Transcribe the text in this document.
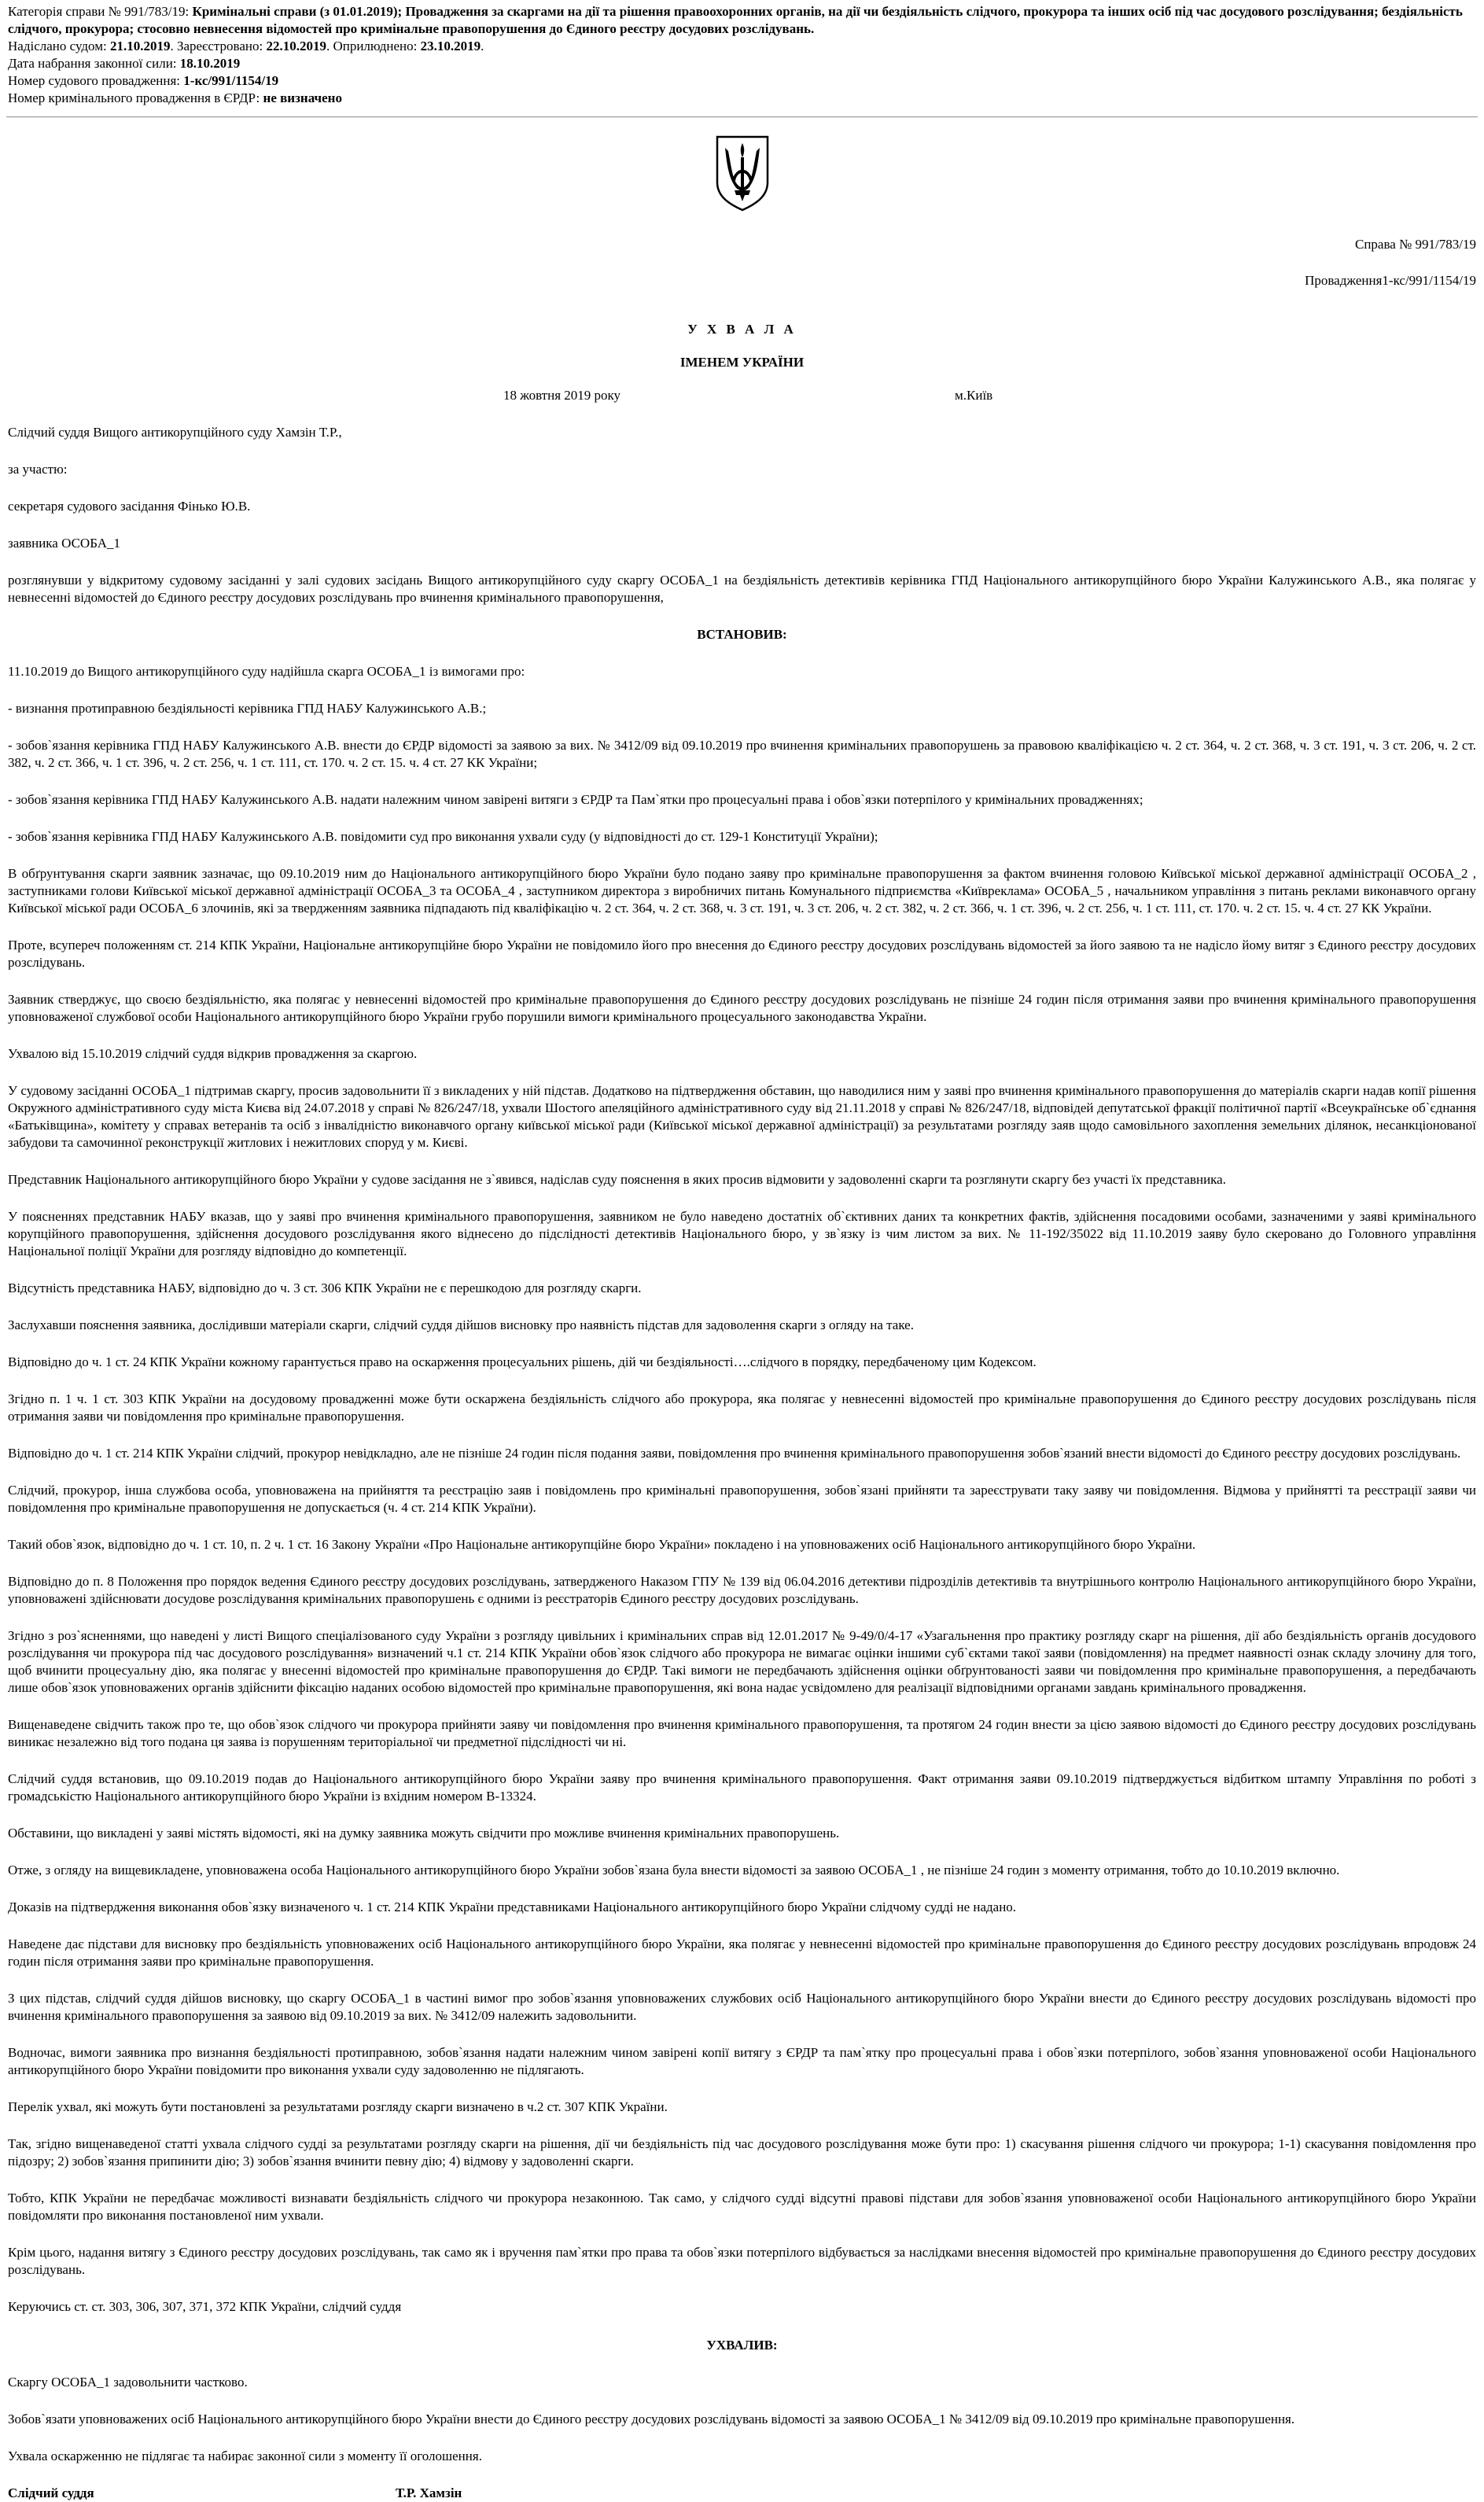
Категорія справи № 991/783/19: Кримінальні справи (з 01.01.2019); Провадження за скаргами на дії та рішення правоохоронних органів, на дії чи бездіяльність слідчого, прокурора та інших осіб під час досудового розслідування; бездіяльність слідчого, прокурора; стосовно невнесення відомостей про кримінальне правопорушення до Єдиного реєстру досудових розслідувань.

Надіслано судом: 21.10.2019. Зареєстровано: 22.10.2019. Оприлюднено: 23.10.2019.

Дата набрання законної сили: 18.10.2019

Номер судового провадження: 1-кс/991/1154/19

Номер кримінального провадження в ЄРДР: не визначено

Справа № 991/783/19

Провадження1-кс/991/1154/19

У Х В А Л А

ІМЕНЕМ УКРАЇНИ

18 жовтня 2019 року	м.Київ

Слідчий суддя Вищого антикорупційного суду Хамзін Т.Р.,

за участю:

секретаря судового засідання Фінько Ю.В.

заявника ОСОБА_1

розглянувши у відкритому судовому засіданні у залі судових засідань Вищого антикорупційного суду скаргу ОСОБА_1 на бездіяльність детективів керівника ГПД Національного антикорупційного бюро України Калужинського А.В., яка полягає у невнесенні відомостей до Єдиного реєстру досудових розслідувань про вчинення кримінального правопорушення,

ВСТАНОВИВ:

11.10.2019 до Вищого антикорупційного суду надійшла скарга ОСОБА_1 із вимогами про:

- визнання протиправною бездіяльності керівника ГПД НАБУ Калужинського А.В.;

- зобов`язання керівника ГПД НАБУ Калужинського А.В. внести до ЄРДР відомості за заявою за вих. № 3412/09 від 09.10.2019 про вчинення кримінальних правопорушень за правовою кваліфікацією ч. 2 ст. 364, ч. 2 ст. 368, ч. 3 ст. 191, ч. 3 ст. 206, ч. 2 ст. 382, ч. 2 ст. 366, ч. 1 ст. 396, ч. 2 ст. 256, ч. 1 ст. 111, ст. 170. ч. 2 ст. 15. ч. 4 ст. 27 КК України;

- зобов`язання керівника ГПД НАБУ Калужинського А.В. надати належним чином завірені витяги з ЄРДР та Пам`ятки про процесуальні права і обов`язки потерпілого у кримінальних провадженнях;

- зобов`язання керівника ГПД НАБУ Калужинського А.В. повідомити суд про виконання ухвали суду (у відповідності до ст. 129-1 Конституції України);

В обґрунтування скарги заявник зазначає, що 09.10.2019 ним до Національного антикорупційного бюро України було подано заяву про кримінальне правопорушення за фактом вчинення головою Київської міської державної адміністрації ОСОБА_2 , заступниками голови Київської міської державної адміністрації ОСОБА_3 та ОСОБА_4 , заступником директора з виробничих питань Комунального підприємства «Київреклама» ОСОБА_5 , начальником управління з питань реклами виконавчого органу Київської міської ради ОСОБА_6 злочинів, які за твердженням заявника підпадають під кваліфікацію ч. 2 ст. 364, ч. 2 ст. 368, ч. 3 ст. 191, ч. 3 ст. 206, ч. 2 ст. 382, ч. 2 ст. 366, ч. 1 ст. 396, ч. 2 ст. 256, ч. 1 ст. 111, ст. 170. ч. 2 ст. 15. ч. 4 ст. 27 КК України.

Проте, всупереч положенням ст. 214 КПК України, Національне антикорупційне бюро України не повідомило його про внесення до Єдиного реєстру досудових розслідувань відомостей за його заявою та не надісло йому витяг з Єдиного реєстру досудових розслідувань.

Заявник стверджує, що своєю бездіяльністю, яка полягає у невнесенні відомостей про кримінальне правопорушення до Єдиного реєстру досудових розслідувань не пізніше 24 годин після отримання заяви про вчинення кримінального правопорушення уповноваженої службової особи Національного антикорупційного бюро України грубо порушили вимоги кримінального процесуального законодавства України.

Ухвалою від 15.10.2019 слідчий суддя відкрив провадження за скаргою.

У судовому засіданні ОСОБА_1 підтримав скаргу, просив задовольнити її з викладених у ній підстав. Додатково на підтвердження обставин, що наводилися ним у заяві про вчинення кримінального правопорушення до матеріалів скарги надав копії рішення Окружного адміністративного суду міста Києва від 24.07.2018 у справі № 826/247/18, ухвали Шостого апеляційного адміністративного суду від 21.11.2018 у справі № 826/247/18, відповідей депутатської фракції політичної партії «Всеукраїнське об`єднання «Батьківщина», комітету у справах ветеранів та осіб з інвалідністю виконавчого органу київської міської ради (Київської міської державної адміністрації) за результатами розгляду заяв щодо самовільного захоплення земельних ділянок, несанкціонованої забудови та самочинної реконструкції житлових і нежитлових споруд у м. Києві.

Представник Національного антикорупційного бюро України у судове засідання не з`явився, надіслав суду пояснення в яких просив відмовити у задоволенні скарги та розглянути скаргу без участі їх представника.

У поясненнях представник НАБУ вказав, що у заяві про вчинення кримінального правопорушення, заявником не було наведено достатніх об`єктивних даних та конкретних фактів, здійснення посадовими особами, зазначеними у заяві кримінального корупційного правопорушення, здійснення досудового розслідування якого віднесено до підслідності детективів Національного бюро, у зв`язку із чим листом за вих. № 11-192/35022 від 11.10.2019 заяву було скеровано до Головного управління Національної поліції України для розгляду відповідно до компетенції.

Відсутність представника НАБУ, відповідно до ч. 3 ст. 306 КПК України не є перешкодою для розгляду скарги.

Заслухавши пояснення заявника, дослідивши матеріали скарги, слідчий суддя дійшов висновку про наявність підстав для задоволення скарги з огляду на таке.

Відповідно до ч. 1 ст. 24 КПК України кожному гарантується право на оскарження процесуальних рішень, дій чи бездіяльності….слідчого в порядку, передбаченому цим Кодексом.

Згідно п. 1 ч. 1 ст. 303 КПК України на досудовому провадженні може бути оскаржена бездіяльність слідчого або прокурора, яка полягає у невнесенні відомостей про кримінальне правопорушення до Єдиного реєстру досудових розслідувань після отримання заяви чи повідомлення про кримінальне правопорушення.

Відповідно до ч. 1 ст. 214 КПК України слідчий, прокурор невідкладно, але не пізніше 24 годин після подання заяви, повідомлення про вчинення кримінального правопорушення зобов`язаний внести відомості до Єдиного реєстру досудових розслідувань.

Слідчий, прокурор, інша службова особа, уповноважена на прийняття та реєстрацію заяв і повідомлень про кримінальні правопорушення, зобов`язані прийняти та зареєструвати таку заяву чи повідомлення. Відмова у прийнятті та реєстрації заяви чи повідомлення про кримінальне правопорушення не допускається (ч. 4 ст. 214 КПК України).

Такий обов`язок, відповідно до ч. 1 ст. 10, п. 2 ч. 1 ст. 16 Закону України «Про Національне антикорупційне бюро України» покладено і на уповноважених осіб Національного антикорупційного бюро України.

Відповідно до п. 8 Положення про порядок ведення Єдиного реєстру досудових розслідувань, затвердженого Наказом ГПУ № 139 від 06.04.2016 детективи підрозділів детективів та внутрішнього контролю Національного антикорупційного бюро України, уповноважені здійснювати досудове розслідування кримінальних правопорушень є одними із реєстраторів Єдиного реєстру досудових розслідувань.

Згідно з роз`ясненнями, що наведені у листі Вищого спеціалізованого суду України з розгляду цивільних і кримінальних справ від 12.01.2017 № 9-49/0/4-17 «Узагальнення про практику розгляду скарг на рішення, дії або бездіяльність органів досудового розслідування чи прокурора під час досудового розслідування» визначений ч.1 ст. 214 КПК України обов`язок слідчого або прокурора не вимагає оцінки іншими суб`єктами такої заяви (повідомлення) на предмет наявності ознак складу злочину для того, щоб вчинити процесуальну дію, яка полягає у внесенні відомостей про кримінальне правопорушення до ЄРДР. Такі вимоги не передбачають здійснення оцінки обґрунтованості заяви чи повідомлення про кримінальне правопорушення, а передбачають лише обов`язок уповноважених органів здійснити фіксацію наданих особою відомостей про кримінальне правопорушення, які вона надає усвідомлено для реалізації відповідними органами завдань кримінального провадження.

Вищенаведене свідчить також про те, що обов`язок слідчого чи прокурора прийняти заяву чи повідомлення про вчинення кримінального правопорушення, та протягом 24 годин внести за цією заявою відомості до Єдиного реєстру досудових розслідувань виникає незалежно від того подана ця заява із порушенням територіальної чи предметної підслідності чи ні.

Слідчий суддя встановив, що 09.10.2019 подав до Національного антикорупційного бюро України заяву про вчинення кримінального правопорушення. Факт отримання заяви 09.10.2019 підтверджується відбитком штампу Управління по роботі з громадськістю Національного антикорупційного бюро України із вхідним номером В-13324.

Обставини, що викладені у заяві містять відомості, які на думку заявника можуть свідчити про можливе вчинення кримінальних правопорушень.

Отже, з огляду на вищевикладене, уповноважена особа Національного антикорупційного бюро України зобов`язана була внести відомості за заявою ОСОБА_1 , не пізніше 24 годин з моменту отримання, тобто до 10.10.2019 включно.

Доказів на підтвердження виконання обов`язку визначеного ч. 1 ст. 214 КПК України представниками Національного антикорупційного бюро України слідчому судді не надано.

Наведене дає підстави для висновку про бездіяльність уповноважених осіб Національного антикорупційного бюро України, яка полягає у невнесенні відомостей про кримінальне правопорушення до Єдиного реєстру досудових розслідувань впродовж 24 годин після отримання заяви про кримінальне правопорушення.

З цих підстав, слідчий суддя дійшов висновку, що скаргу ОСОБА_1 в частині вимог про зобов`язання уповноважених службових осіб Національного антикорупційного бюро України внести до Єдиного реєстру досудових розслідувань відомості про вчинення кримінального правопорушення за заявою від 09.10.2019 за вих. № 3412/09 належить задовольнити.

Водночас, вимоги заявника про визнання бездіяльності протиправною, зобов`язання надати належним чином завірені копії витягу з ЄРДР та пам`ятку про процесуальні права і обов`язки потерпілого, зобов`язання уповноваженої особи Національного антикорупційного бюро України повідомити про виконання ухвали суду задоволенню не підлягають.

Перелік ухвал, які можуть бути постановлені за результатами розгляду скарги визначено в ч.2 ст. 307 КПК України.

Так, згідно вищенаведеної статті ухвала слідчого судді за результатами розгляду скарги на рішення, дії чи бездіяльність під час досудового розслідування може бути про: 1) скасування рішення слідчого чи прокурора; 1-1) скасування повідомлення про підозру; 2) зобов`язання припинити дію; 3) зобов`язання вчинити певну дію; 4) відмову у задоволенні скарги.

Тобто, КПК України не передбачає можливості визнавати бездіяльність слідчого чи прокурора незаконною. Так само, у слідчого судді відсутні правові підстави для зобов`язання уповноваженої особи Національного антикорупційного бюро України повідомляти про виконання постановленої ним ухвали.

Крім цього, надання витягу з Єдиного реєстру досудових розслідувань, так само як і вручення пам`ятки про права та обов`язки потерпілого відбувається за наслідками внесення відомостей про кримінальне правопорушення до Єдиного реєстру досудових розслідувань.

Керуючись ст. ст. 303, 306, 307, 371, 372 КПК України, слідчий суддя

УХВАЛИВ:

Скаргу ОСОБА_1 задовольнити частково.

Зобов`язати уповноважених осіб Національного антикорупційного бюро України внести до Єдиного реєстру досудових розслідувань відомості за заявою ОСОБА_1 № 3412/09 від 09.10.2019 про кримінальне правопорушення.

Ухвала оскарженню не підлягає та набирає законної сили з моменту її оголошення.

Слідчий суддя	Т.Р. Хамзін
